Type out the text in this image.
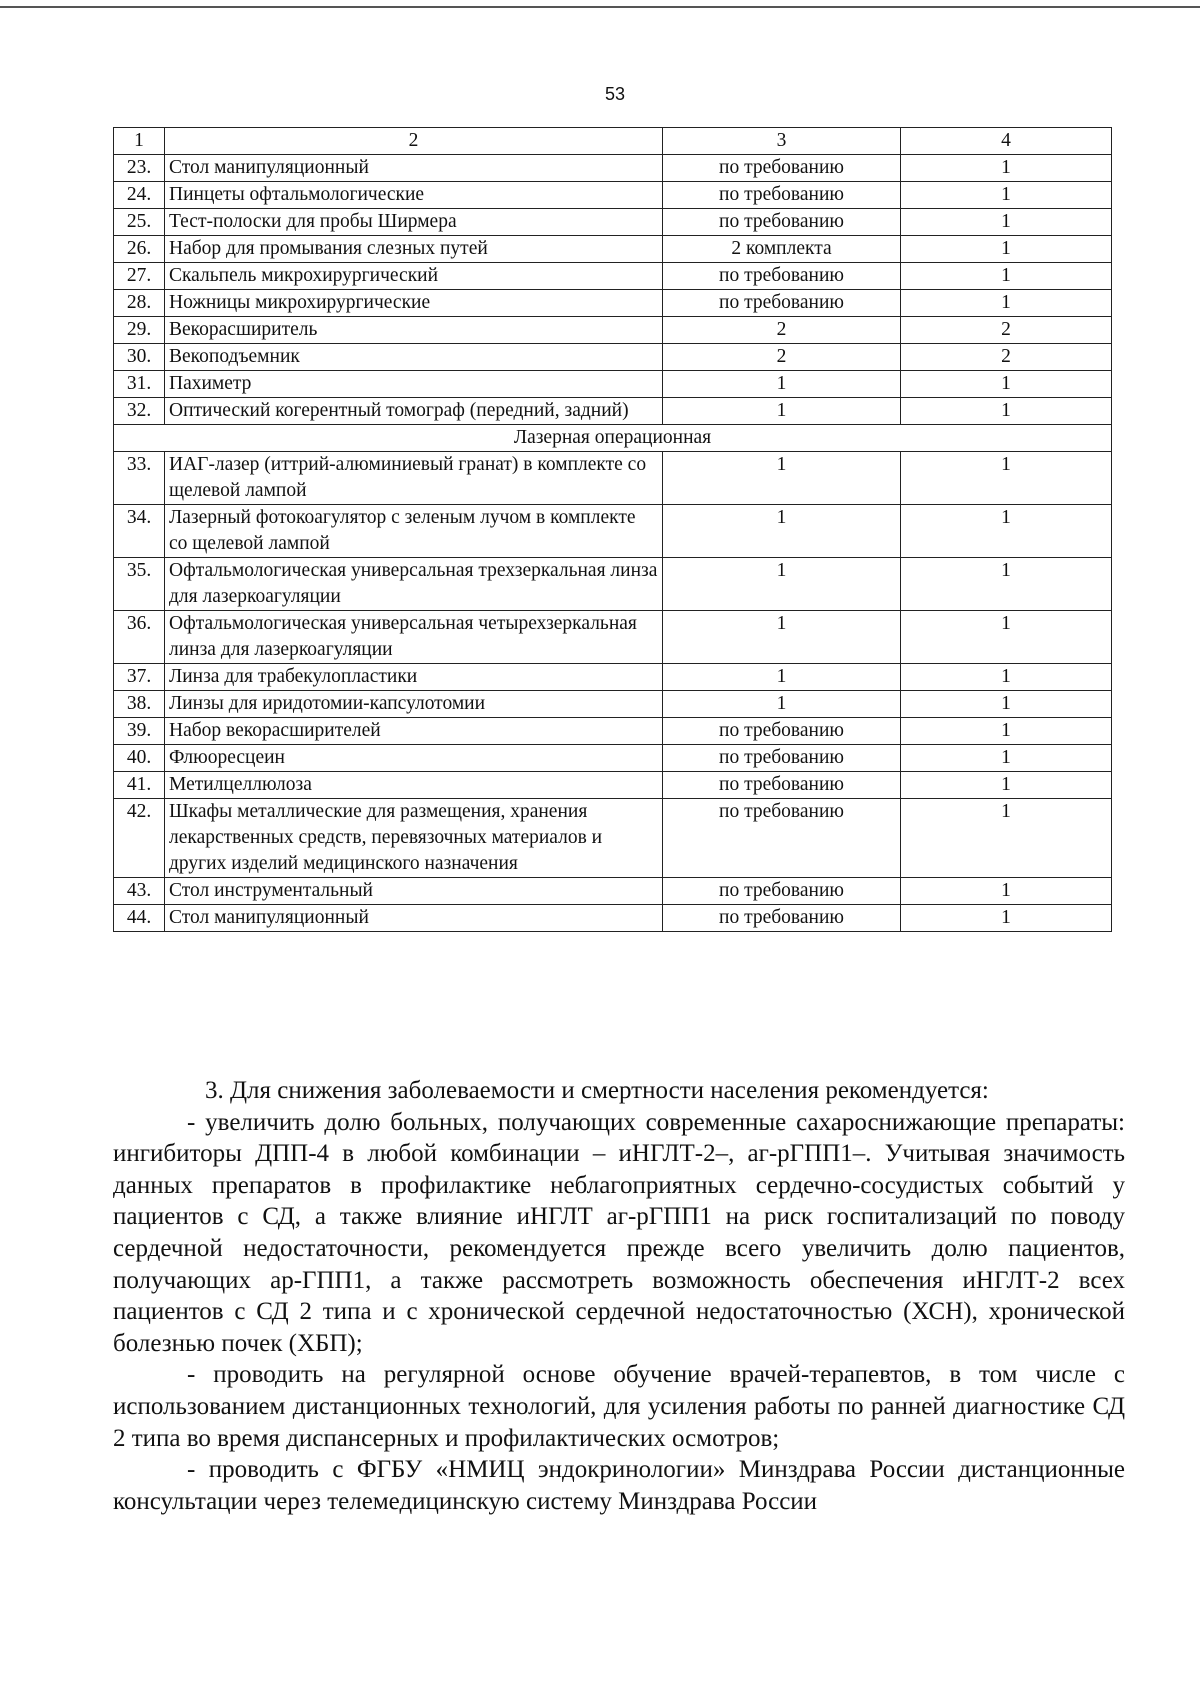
53
1	2	3	4
23.	Стол манипуляционный	по требованию	1
24.	Пинцеты офтальмологические	по требованию	1
25.	Тест-полоски для пробы Ширмера	по требованию	1
26.	Набор для промывания слезных путей	2 комплекта	1
27.	Скальпель микрохирургический	по требованию	1
28.	Ножницы микрохирургические	по требованию	1
29.	Векорасширитель	2	2
30.	Векоподъемник	2	2
31.	Пахиметр	1	1
32.	Оптический когерентный томограф (передний, задний)	1	1
Лазерная операционная			
33.	ИАГ-лазер (иттрий-алюминиевый гранат) в комплекте со щелевой лампой	1	1
34.	Лазерный фотокоагулятор с зеленым лучом в комплекте со щелевой лампой	1	1
35.	Офтальмологическая универсальная трехзеркальная линза для лазеркоагуляции	1	1
36.	Офтальмологическая универсальная четырехзеркальная линза для лазеркоагуляции	1	1
37.	Линза для трабекулопластики	1	1
38.	Линзы для иридотомии-капсулотомии	1	1
39.	Набор векорасширителей	по требованию	1
40.	Флюоресцеин	по требованию	1
41.	Метилцеллюлоза	по требованию	1
42.	Шкафы металлические для размещения, хранения лекарственных средств, перевязочных материалов и других изделий медицинского назначения	по требованию	1
43.	Стол инструментальный	по требованию	1
44.	Стол манипуляционный	по требованию	1

3. Для снижения заболеваемости и смертности населения рекомендуется:

- увеличить долю больных, получающих современные сахароснижающие препараты: ингибиторы ДПП-4 в любой комбинации – иНГЛТ-2–, аг-рГПП1–. Учитывая значимость данных препаратов в профилактике неблагоприятных сердечно-сосудистых событий у пациентов с СД, а также влияние иНГЛТ аг-рГПП1 на риск госпитализаций по поводу сердечной недостаточности, рекомендуется прежде всего увеличить долю пациентов, получающих ар-ГПП1, а также рассмотреть возможность обеспечения иНГЛТ-2 всех пациентов с СД 2 типа и с хронической сердечной недостаточностью (ХСН), хронической болезнью почек (ХБП);

- проводить на регулярной основе обучение врачей-терапевтов, в том числе с использованием дистанционных технологий, для усиления работы по ранней диагностике СД 2 типа во время диспансерных и профилактических осмотров;

- проводить с ФГБУ «НМИЦ эндокринологии» Минздрава России дистанционные консультации через телемедицинскую систему Минздрава России
